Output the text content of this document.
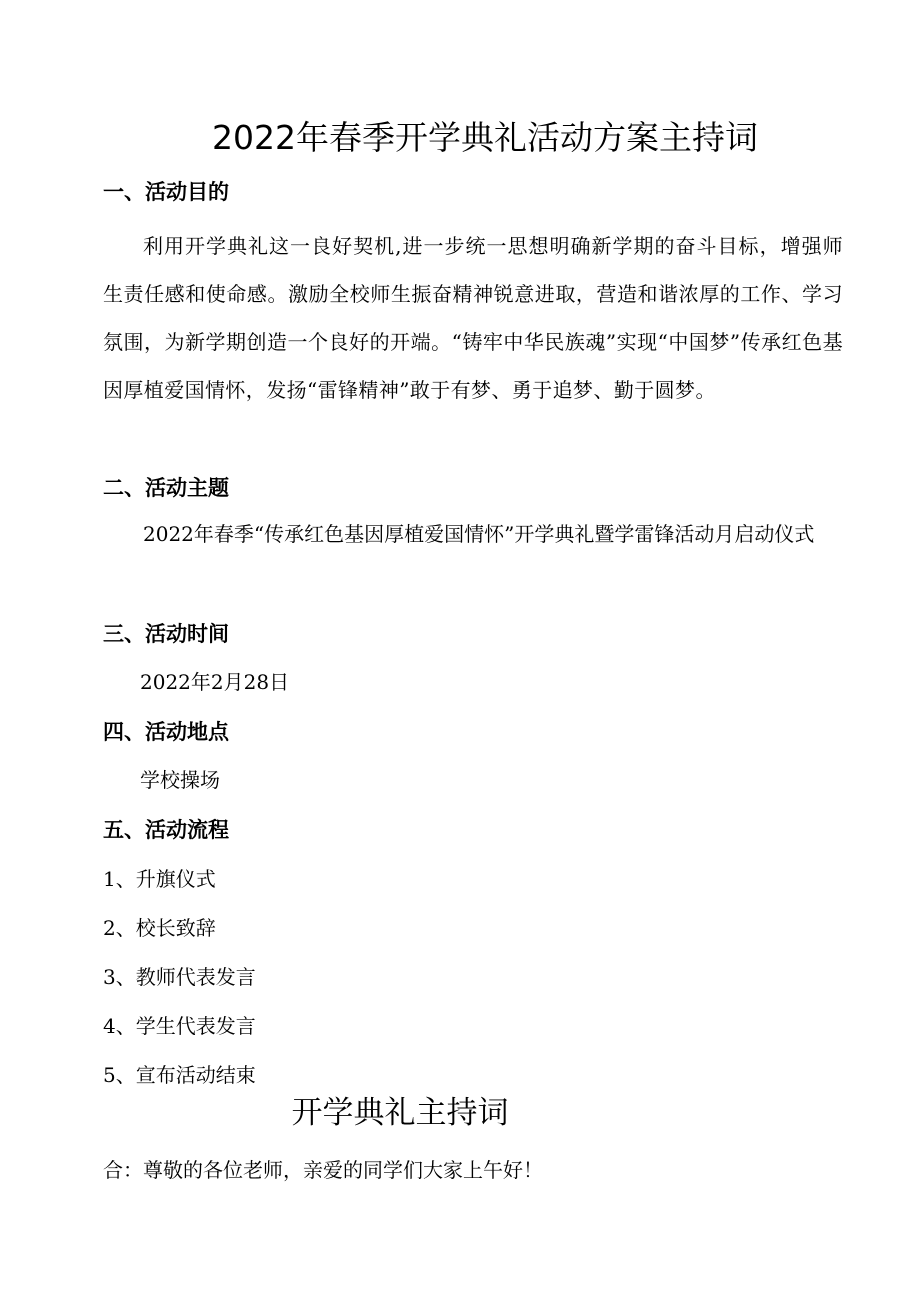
2022年春季开学典礼活动方案主持词
一、活动目的
利用开学典礼这一良好契机,进一步统一思想明确新学期的奋斗目标，增强师生责任感和使命感。激励全校师生振奋精神锐意进取，营造和谐浓厚的工作、学习氛围，为新学期创造一个良好的开端。“铸牢中华民族魂”实现“中国梦”传承红色基因厚植爱国情怀，发扬“雷锋精神”敢于有梦、勇于追梦、勤于圆梦。
二、活动主题
2022年春季“传承红色基因厚植爱国情怀”开学典礼暨学雷锋活动月启动仪式
三、活动时间
2022年2月28日
四、活动地点
学校操场
五、活动流程
1、升旗仪式
2、校长致辞
3、教师代表发言
4、学生代表发言
5、宣布活动结束
开学典礼主持词
合：尊敬的各位老师，亲爱的同学们大家上午好！
